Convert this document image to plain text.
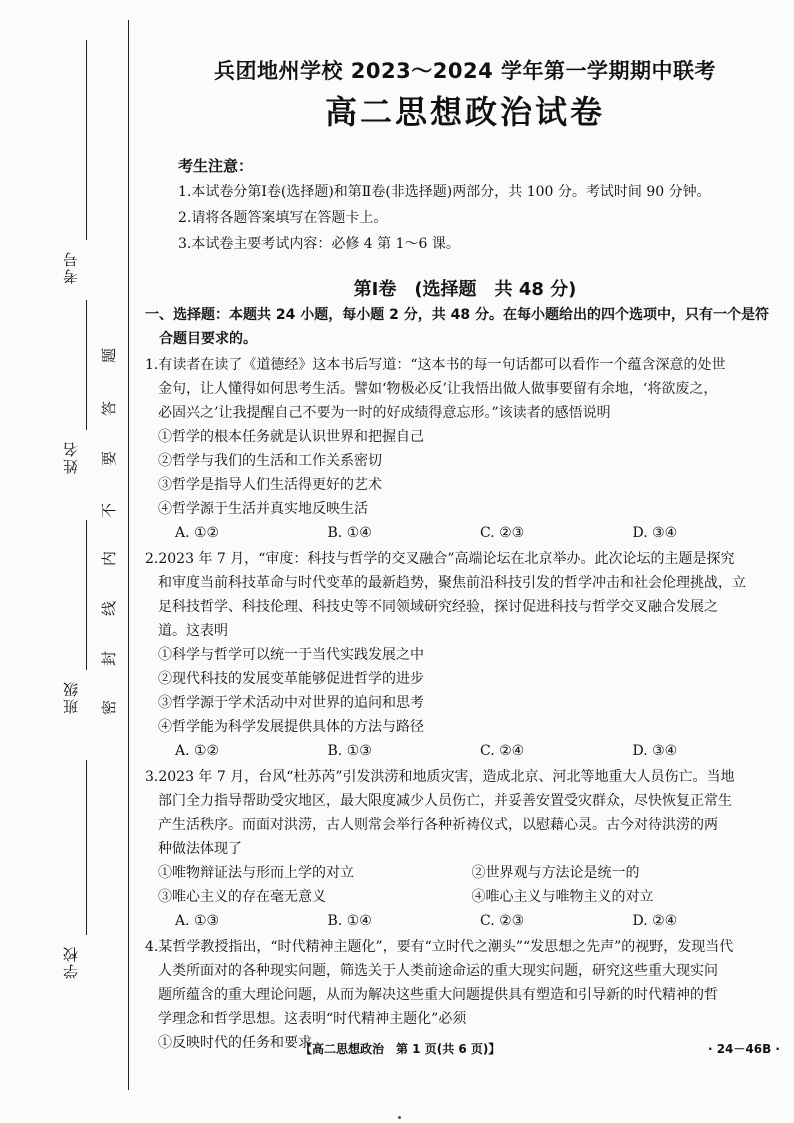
考号
姓名
班级
学校
题
答
要
不
内
线
封
密
兵团地州学校 2023～2024 学年第一学期期中联考
高二思想政治试卷
考生注意：
1.本试卷分第Ⅰ卷(选择题)和第Ⅱ卷(非选择题)两部分，共 100 分。考试时间 90 分钟。
2.请将各题答案填写在答题卡上。
3.本试卷主要考试内容：必修 4 第 1～6 课。
第Ⅰ卷　(选择题　共 48 分)
一、选择题：本题共 24 小题，每小题 2 分，共 48 分。在每小题给出的四个选项中，只有一个是符
合题目要求的。
1.有读者在读了《道德经》这本书后写道：“这本书的每一句话都可以看作一个蕴含深意的处世
金句，让人懂得如何思考生活。譬如‘物极必反’让我悟出做人做事要留有余地，‘将欲废之，
必固兴之’让我提醒自己不要为一时的好成绩得意忘形。”该读者的感悟说明
①哲学的根本任务就是认识世界和把握自己
②哲学与我们的生活和工作关系密切
③哲学是指导人们生活得更好的艺术
④哲学源于生活并真实地反映生活
A. ①②	B. ①④	C. ②③	D. ③④
2.2023 年 7 月，“审度：科技与哲学的交叉融合”高端论坛在北京举办。此次论坛的主题是探究
和审度当前科技革命与时代变革的最新趋势，聚焦前沿科技引发的哲学冲击和社会伦理挑战，立
足科技哲学、科技伦理、科技史等不同领域研究经验，探讨促进科技与哲学交叉融合发展之
道。这表明
①科学与哲学可以统一于当代实践发展之中
②现代科技的发展变革能够促进哲学的进步
③哲学源于学术活动中对世界的追问和思考
④哲学能为科学发展提供具体的方法与路径
A. ①②	B. ①③	C. ②④	D. ③④
3.2023 年 7 月，台风“杜苏芮”引发洪涝和地质灾害，造成北京、河北等地重大人员伤亡。当地
部门全力指导帮助受灾地区，最大限度减少人员伤亡，并妥善安置受灾群众，尽快恢复正常生
产生活秩序。而面对洪涝，古人则常会举行各种祈祷仪式，以慰藉心灵。古今对待洪涝的两
种做法体现了
①唯物辩证法与形而上学的对立	②世界观与方法论是统一的
③唯心主义的存在毫无意义	④唯心主义与唯物主义的对立
A. ①③	B. ①④	C. ②③	D. ②④
4.某哲学教授指出，“时代精神主题化”，要有“立时代之潮头”“发思想之先声”的视野，发现当代
人类所面对的各种现实问题，筛选关于人类前途命运的重大现实问题，研究这些重大现实问
题所蕴含的重大理论问题，从而为解决这些重大问题提供具有塑造和引导新的时代精神的哲
学理念和哲学思想。这表明“时代精神主题化”必须
①反映时代的任务和要求
【高二思想政治　第 1 页(共 6 页)】	· 24－46B ·
